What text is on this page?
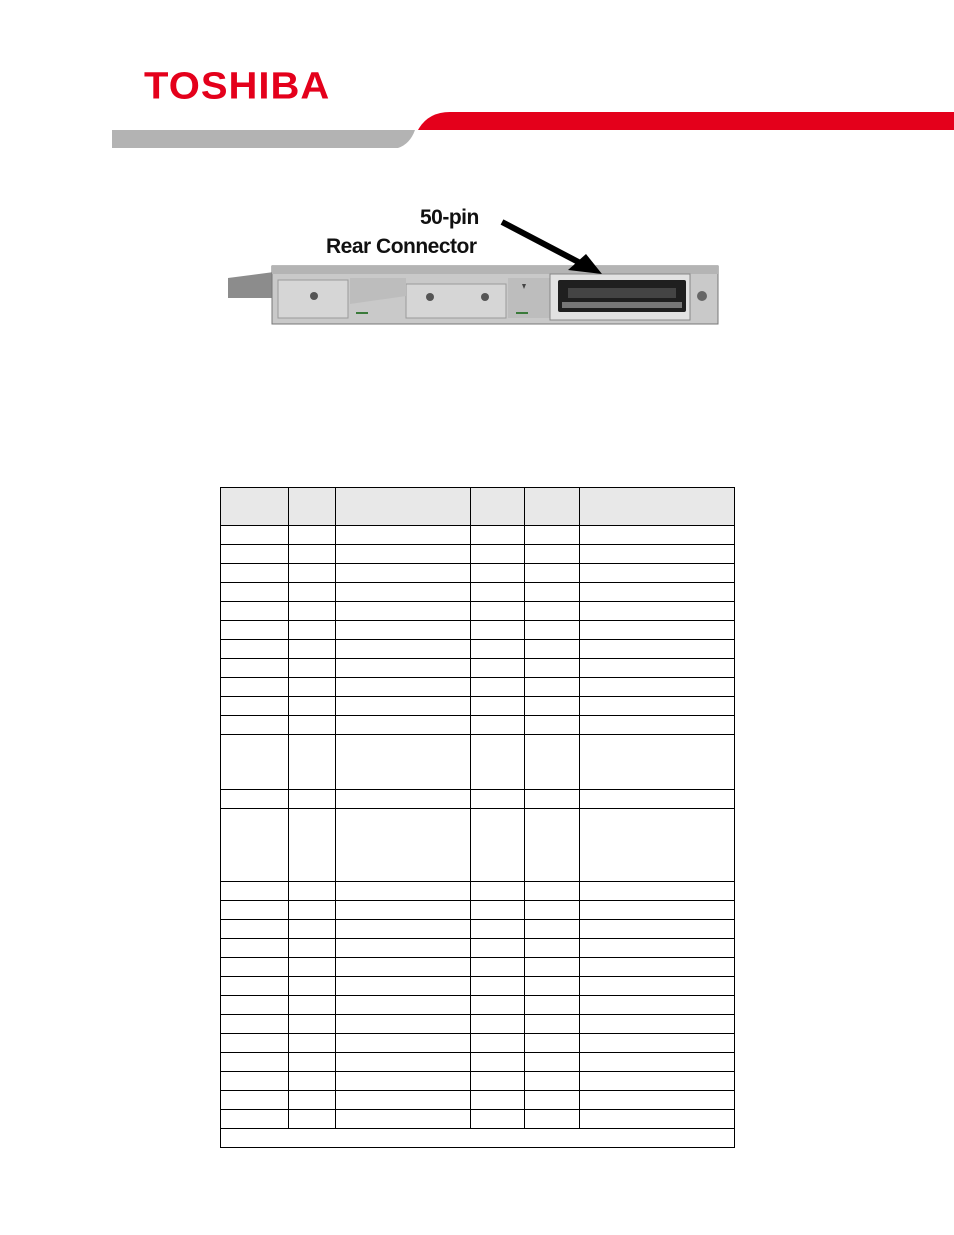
TOSHIBA
50-pin
Rear Connector
